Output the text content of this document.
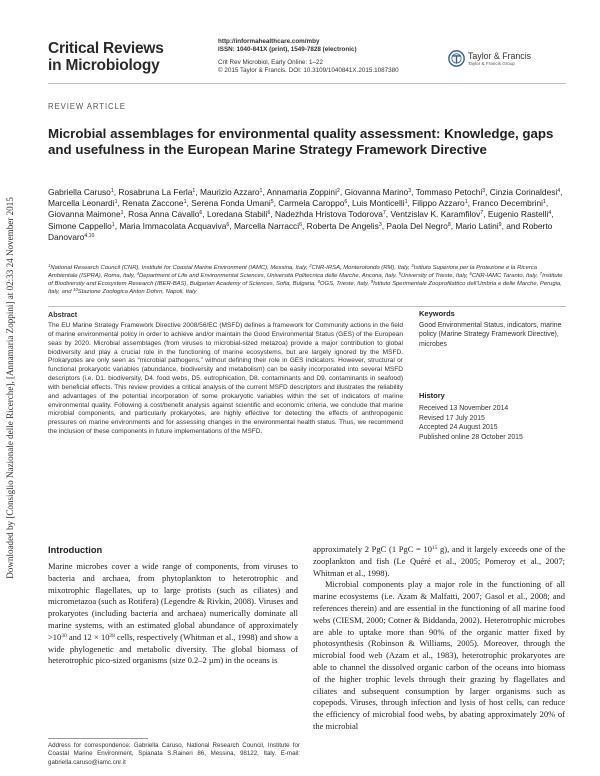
Downloaded by [Consiglio Nazionale delle Ricerche], [Annamaria Zoppini] at 02:33 24 November 2015
Critical Reviews
in Microbiology
http://informahealthcare.com/mby
ISSN: 1040-841X (print), 1549-7828 (electronic)
Crit Rev Microbiol, Early Online: 1–22
© 2015 Taylor & Francis. DOI: 10.3109/1040841X.2015.1087380
Taylor & Francis
Taylor & Francis Group
REVIEW ARTICLE
Microbial assemblages for environmental quality assessment: Knowledge, gaps and usefulness in the European Marine Strategy Framework Directive
Gabriella Caruso$^1$, Rosabruna La Ferla$^1$, Maurizio Azzaro$^1$, Annamaria Zoppini$^2$, Giovanna Marino$^3$, Tommaso Petochi$^3$, Cinzia Corinaldesi$^4$, Marcella Leonardi$^1$, Renata Zaccone$^1$, Serena Fonda Umani$^5$, Carmela Caroppo$^6$, Luis Monticelli$^1$, Filippo Azzaro$^1$, Franco Decembrini$^1$, Giovanna Maimone$^1$, Rosa Anna Cavallo$^6$, Loredana Stabili$^6$, Nadezhda Hristova Todorova$^7$, Ventzislav K. Karamfilov$^7$, Eugenio Rastelli$^4$, Simone Cappello$^1$, Maria Immacolata Acquaviva$^6$, Marcella Narracci$^6$, Roberta De Angelis$^3$, Paola Del Negro$^8$, Mario Latini$^9$, and Roberto Danovaro$^{4,10}$
$^1$National Research Council (CNR), Institute for Coastal Marine Environment (IAMC), Messina, Italy, $^2$CNR-IRSA, Monterotondo (RM), Italy, $^3$Istituto Superiore per la Protezione e la Ricerca Ambientale (ISPRA), Roma, Italy, $^4$Department of Life and Environmental Sciences, Università Politecnica delle Marche, Ancona, Italy, $^5$University of Trieste, Italy, $^6$CNR-IAMC Taranto, Italy, $^7$Institute of Biodiversity and Ecosystem Research (IBER-BAS), Bulgarian Academy of Sciences, Sofia, Bulgaria, $^8$OGS, Trieste, Italy, $^9$Istituto Sperimentale Zooprofilattico dell'Umbria e delle Marche, Perugia, Italy, and $^{10}$Stazione Zoologica Anton Dohrn, Napoli, Italy
Abstract

The EU Marine Strategy Framework Directive 2008/56/EC (MSFD) defines a framework for Community actions in the field of marine environmental policy in order to achieve and/or maintain the Good Environmental Status (GES) of the European seas by 2020. Microbial assemblages (from viruses to microbial-sized metazoa) provide a major contribution to global biodiversity and play a crucial role in the functioning of marine ecosystems, but are largely ignored by the MSFD. Prokaryotes are only seen as “microbial pathogens,” without defining their role in GES indicators. However, structural or functional prokaryotic variables (abundance, biodiversity and metabolism) can be easily incorporated into several MSFD descriptors (i.e. D1. biodiversity, D4. food webs, D5. eutrophication, D8. contaminants and D9. contaminants in seafood) with beneficial effects. This review provides a critical analysis of the current MSFD descriptors and illustrates the reliability and advantages of the potential incorporation of some prokaryotic variables within the set of indicators of marine environmental quality. Following a cost/benefit analysis against scientific and economic criteria, we conclude that marine microbial components, and particularly prokaryotes, are highly effective for detecting the effects of anthropogenic pressures on marine environments and for assessing changes in the environmental health status. Thus, we recommend the inclusion of these components in future implementations of the MSFD.

Keywords

Good Environmental Status, indicators, marine policy (Marine Strategy Framework Directive), microbes

History
Received 13 November 2014
Revised 17 July 2015
Accepted 24 August 2015
Published online 28 October 2015
Introduction

Marine microbes cover a wide range of components, from viruses to bacteria and archaea, from phytoplankton to heterotrophic and mixotrophic flagellates, up to large protists (such as ciliates) and micrometazoa (such as Rotifera) (Legendre & Rivkin, 2008). Viruses and prokaryotes (including bacteria and archaea) numerically dominate all marine systems, with an estimated global abundance of approximately $>10^{30}$ and $12 \times 10^{28}$ cells, respectively (Whitman et al., 1998) and show a wide phylogenetic and metabolic diversity. The global biomass of heterotrophic pico-sized organisms (size 0.2–2 µm) in the oceans is

approximately 2 PgC (1 PgC = $10^{15}$ g), and it largely exceeds one of the zooplankton and fish (Le Quéré et al., 2005; Pomeroy et al., 2007; Whitman et al., 1998).

Microbial components play a major role in the functioning of all marine ecosystems (i.e. Azam & Malfatti, 2007; Gasol et al., 2008; and references therein) and are essential in the functioning of all marine food webs (CIESM, 2000; Cotner & Biddanda, 2002). Heterotrophic microbes are able to uptake more than 90% of the organic matter fixed by photosynthesis (Robinson & Williams, 2005). Moreover, through the microbial food web (Azam et al., 1983), heterotrophic prokaryotes are able to channel the dissolved organic carbon of the oceans into biomass of the higher trophic levels through their grazing by flagellates and ciliates and subsequent consumption by larger organisms such as copepods. Viruses, through infection and lysis of host cells, can reduce the efficiency of microbial food webs, by abating approximately 20% of the microbial

Address for correspondence: Gabriella Caruso, National Research Council, Institute for Coastal Marine Environment, Spianata S.Raineri 86, Messina, 98122, Italy. E-mail: gabriella.caruso@iamc.cnr.it
